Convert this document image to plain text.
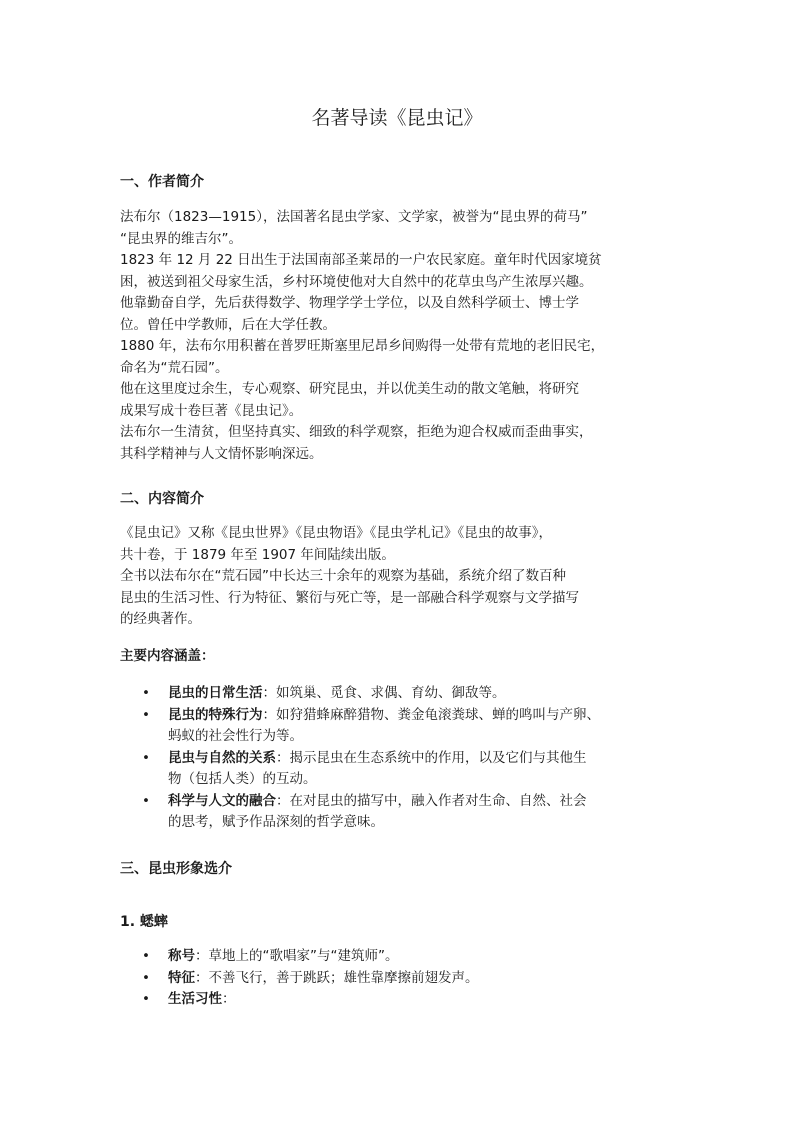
名著导读《昆虫记》
一、作者简介
法布尔（1823—1915），法国著名昆虫学家、文学家，被誉为“昆虫界的荷马”
“昆虫界的维吉尔”。
1823 年 12 月 22 日出生于法国南部圣莱昂的一户农民家庭。童年时代因家境贫
困，被送到祖父母家生活，乡村环境使他对大自然中的花草虫鸟产生浓厚兴趣。
他靠勤奋自学，先后获得数学、物理学学士学位，以及自然科学硕士、博士学
位。曾任中学教师，后在大学任教。
1880 年，法布尔用积蓄在普罗旺斯塞里尼昂乡间购得一处带有荒地的老旧民宅，
命名为“荒石园”。
他在这里度过余生，专心观察、研究昆虫，并以优美生动的散文笔触，将研究
成果写成十卷巨著《昆虫记》。
法布尔一生清贫，但坚持真实、细致的科学观察，拒绝为迎合权威而歪曲事实，
其科学精神与人文情怀影响深远。
二、内容简介
《昆虫记》又称《昆虫世界》《昆虫物语》《昆虫学札记》《昆虫的故事》，
共十卷，于 1879 年至 1907 年间陆续出版。
全书以法布尔在“荒石园”中长达三十余年的观察为基础，系统介绍了数百种
昆虫的生活习性、行为特征、繁衍与死亡等，是一部融合科学观察与文学描写
的经典著作。
主要内容涵盖：
• 昆虫的日常生活：如筑巢、觅食、求偶、育幼、御敌等。
• 昆虫的特殊行为：如狩猎蜂麻醉猎物、粪金龟滚粪球、蝉的鸣叫与产卵、
蚂蚁的社会性行为等。
• 昆虫与自然的关系：揭示昆虫在生态系统中的作用，以及它们与其他生
物（包括人类）的互动。
• 科学与人文的融合：在对昆虫的描写中，融入作者对生命、自然、社会
的思考，赋予作品深刻的哲学意味。
三、昆虫形象选介
1. 蟋蟀
• 称号：草地上的“歌唱家”与“建筑师”。
• 特征：不善飞行，善于跳跃；雄性靠摩擦前翅发声。
• 生活习性：
